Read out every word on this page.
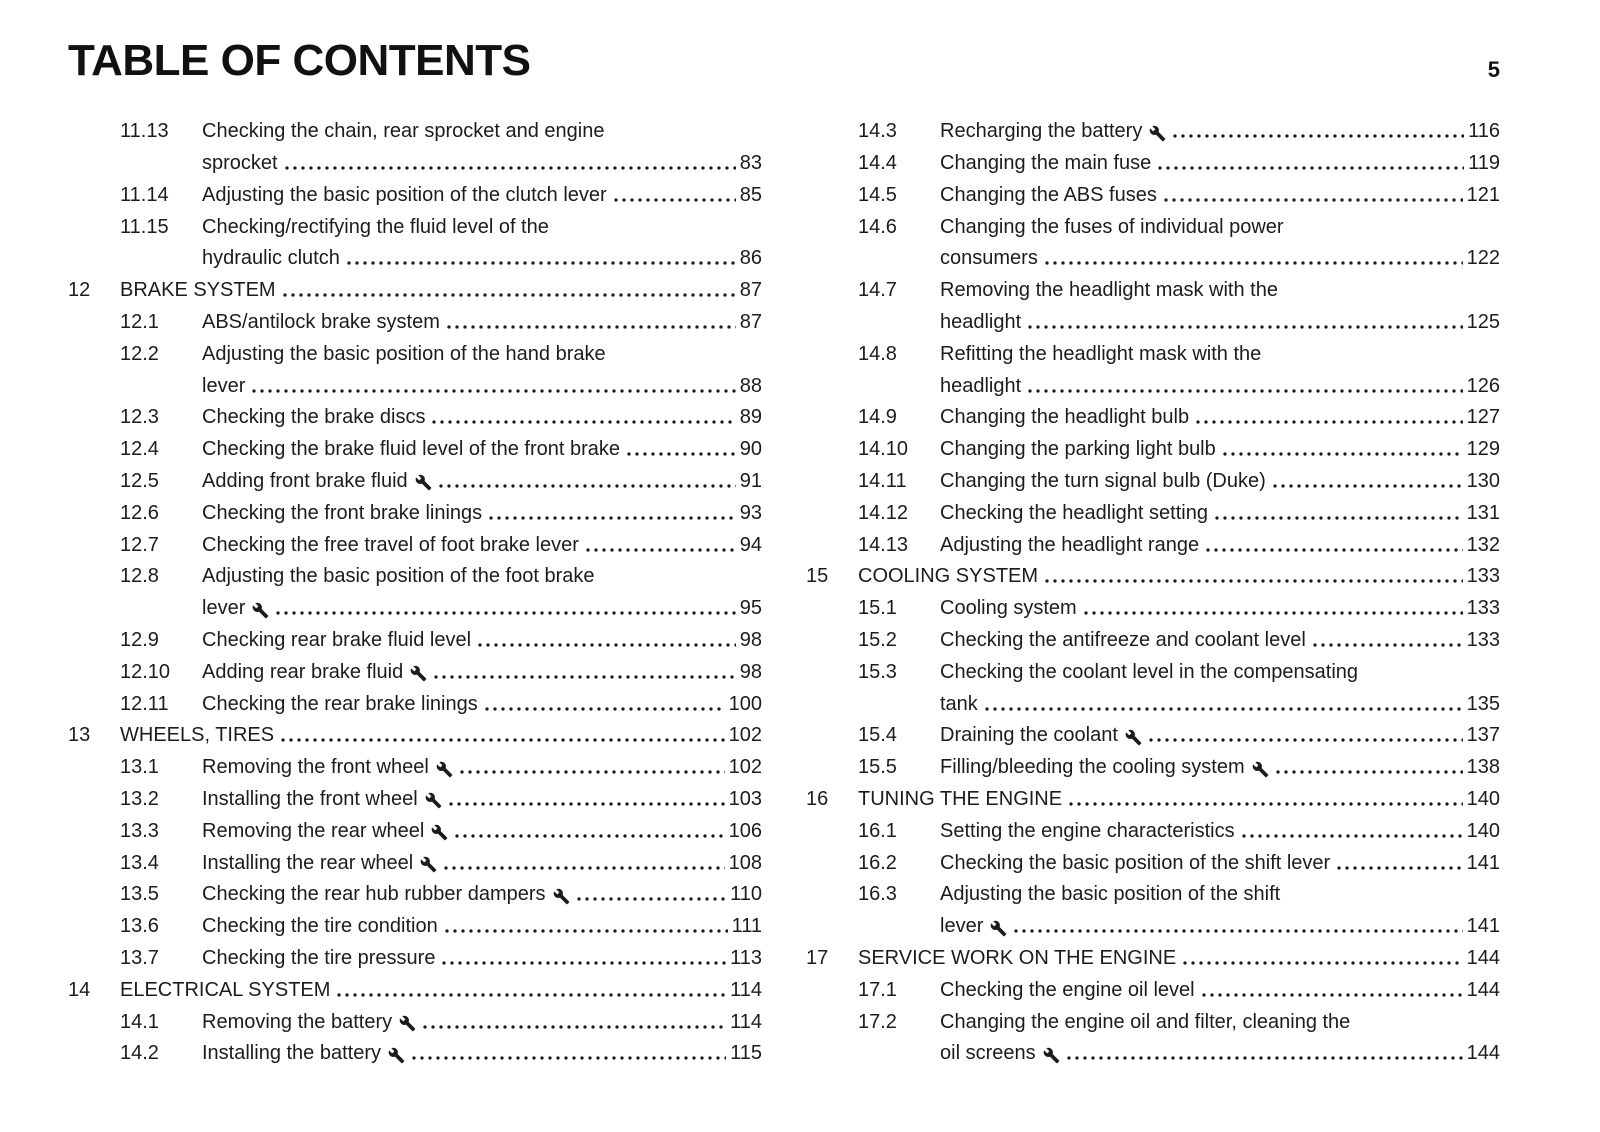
TABLE OF CONTENTS	5
11.13	Checking the chain, rear sprocket and engine
sprocket	83
11.14	Adjusting the basic position of the clutch lever	85
11.15	Checking/rectifying the fluid level of the
hydraulic clutch	86
12	BRAKE SYSTEM	87
12.1	ABS/antilock brake system	87
12.2	Adjusting the basic position of the hand brake
lever	88
12.3	Checking the brake discs	89
12.4	Checking the brake fluid level of the front brake	90
12.5	Adding front brake fluid	91
12.6	Checking the front brake linings	93
12.7	Checking the free travel of foot brake lever	94
12.8	Adjusting the basic position of the foot brake
lever	95
12.9	Checking rear brake fluid level	98
12.10	Adding rear brake fluid	98
12.11	Checking the rear brake linings	100
13	WHEELS, TIRES	102
13.1	Removing the front wheel	102
13.2	Installing the front wheel	103
13.3	Removing the rear wheel	106
13.4	Installing the rear wheel	108
13.5	Checking the rear hub rubber dampers	110
13.6	Checking the tire condition	111
13.7	Checking the tire pressure	113
14	ELECTRICAL SYSTEM	114
14.1	Removing the battery	114
14.2	Installing the battery	115
14.3	Recharging the battery	116
14.4	Changing the main fuse	119
14.5	Changing the ABS fuses	121
14.6	Changing the fuses of individual power
consumers	122
14.7	Removing the headlight mask with the
headlight	125
14.8	Refitting the headlight mask with the
headlight	126
14.9	Changing the headlight bulb	127
14.10	Changing the parking light bulb	129
14.11	Changing the turn signal bulb (Duke)	130
14.12	Checking the headlight setting	131
14.13	Adjusting the headlight range	132
15	COOLING SYSTEM	133
15.1	Cooling system	133
15.2	Checking the antifreeze and coolant level	133
15.3	Checking the coolant level in the compensating
tank	135
15.4	Draining the coolant	137
15.5	Filling/bleeding the cooling system	138
16	TUNING THE ENGINE	140
16.1	Setting the engine characteristics	140
16.2	Checking the basic position of the shift lever	141
16.3	Adjusting the basic position of the shift
lever	141
17	SERVICE WORK ON THE ENGINE	144
17.1	Checking the engine oil level	144
17.2	Changing the engine oil and filter, cleaning the
oil screens	144
